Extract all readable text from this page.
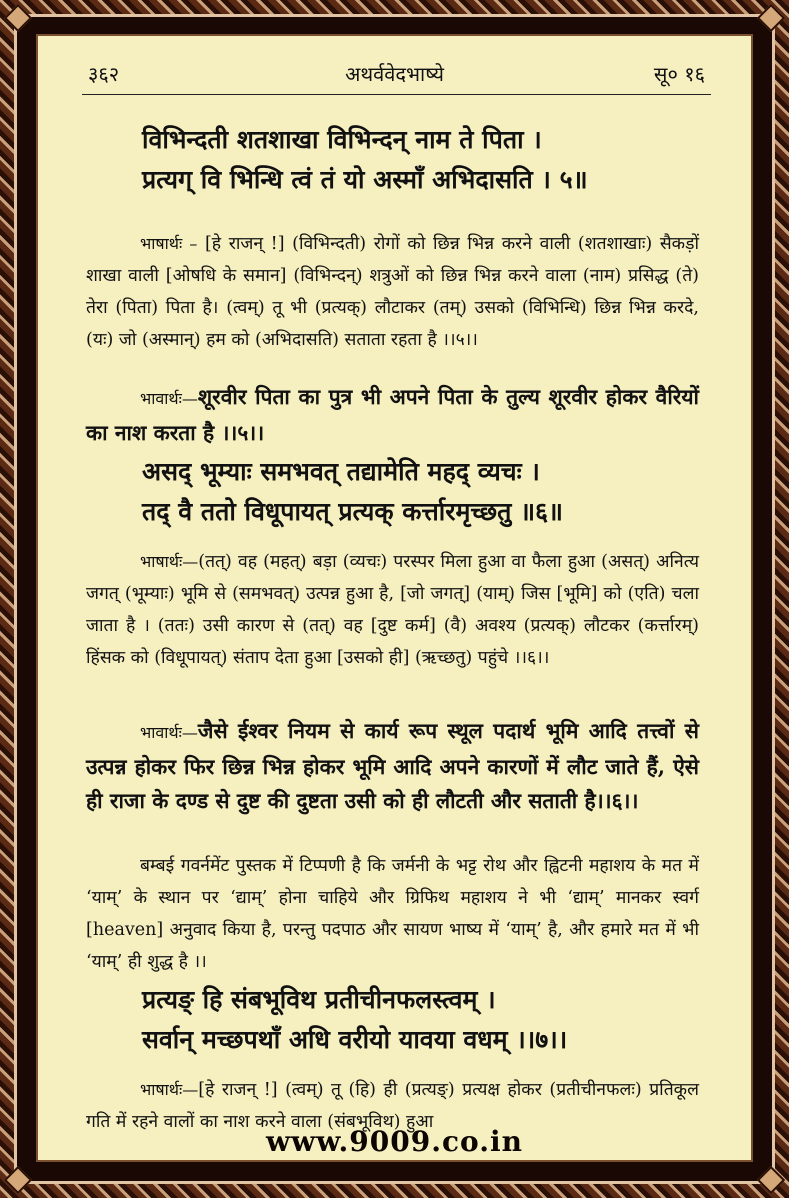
३६२	अथर्ववेदभाष्ये	सू० १६

विभिन्दती शतशाखा विभिन्दन् नाम ते पिता ।

प्रत्यग् वि भिन्धि त्वं तं यो अस्माँ अभिदासति । ५॥

भाषार्थः – [हे राजन् !] (विभिन्दती) रोगों को छिन्न भिन्न करने वाली (शतशाखाः) सैकड़ों शाखा वाली [ओषधि के समान] (विभिन्दन्) शत्रुओं को छिन्न भिन्न करने वाला (नाम) प्रसिद्ध (ते) तेरा (पिता) पिता है। (त्वम्) तू भी (प्रत्यक्) लौटाकर (तम्) उसको (विभिन्धि) छिन्न भिन्न करदे, (यः) जो (अस्मान्) हम को (अभिदासति) सताता रहता है ।।५।।

भावार्थः—शूरवीर पिता का पुत्र भी अपने पिता के तुल्य शूरवीर होकर वैरियों का नाश करता है ।।५।।

असद् भूम्याः समभवत् तद्यामेति महद् व्यचः ।

तद् वै ततो विधूपायत् प्रत्यक् कर्त्तारमृच्छतु ॥६॥

भाषार्थः—(तत्) वह (महत्) बड़ा (व्यचः) परस्पर मिला हुआ वा फैला हुआ (असत्) अनित्य जगत् (भूम्याः) भूमि से (समभवत्) उत्पन्न हुआ है, [जो जगत्] (याम्) जिस [भूमि] को (एति) चला जाता है । (ततः) उसी कारण से (तत्) वह [दुष्ट कर्म] (वै) अवश्य (प्रत्यक्) लौटकर (कर्त्तारम्) हिंसक को (विधूपायत्) संताप देता हुआ [उसको ही] (ऋच्छतु) पहुंचे ।।६।।

भावार्थः—जैसे ईश्वर नियम से कार्य रूप स्थूल पदार्थ भूमि आदि तत्त्वों से उत्पन्न होकर फिर छिन्न भिन्न होकर भूमि आदि अपने कारणों में लौट जाते हैं, ऐसे ही राजा के दण्ड से दुष्ट की दुष्टता उसी को ही लौटती और सताती है।।६।।

बम्बई गवर्नमेंट पुस्तक में टिप्पणी है कि जर्मनी के भट्ट रोथ और ह्विटनी महाशय के मत में ‘याम्’ के स्थान पर ‘द्याम्’ होना चाहिये और ग्रिफिथ महाशय ने भी ‘द्याम्’ मानकर स्वर्ग [heaven] अनुवाद किया है, परन्तु पदपाठ और सायण भाष्य में ‘याम्’ है, और हमारे मत में भी ‘याम्’ ही शुद्ध है ।।

प्रत्यङ् हि संबभूविथ प्रतीचीनफलस्त्वम् ।

सर्वान् मच्छपथाँ अधि वरीयो यावया वधम् ।।७।।

भाषार्थः—[हे राजन् !] (त्वम्) तू (हि) ही (प्रत्यङ्) प्रत्यक्ष होकर (प्रतीचीनफलः) प्रतिकूल गति में रहने वालों का नाश करने वाला (संबभूविथ) हुआ

www.9009.co.in
